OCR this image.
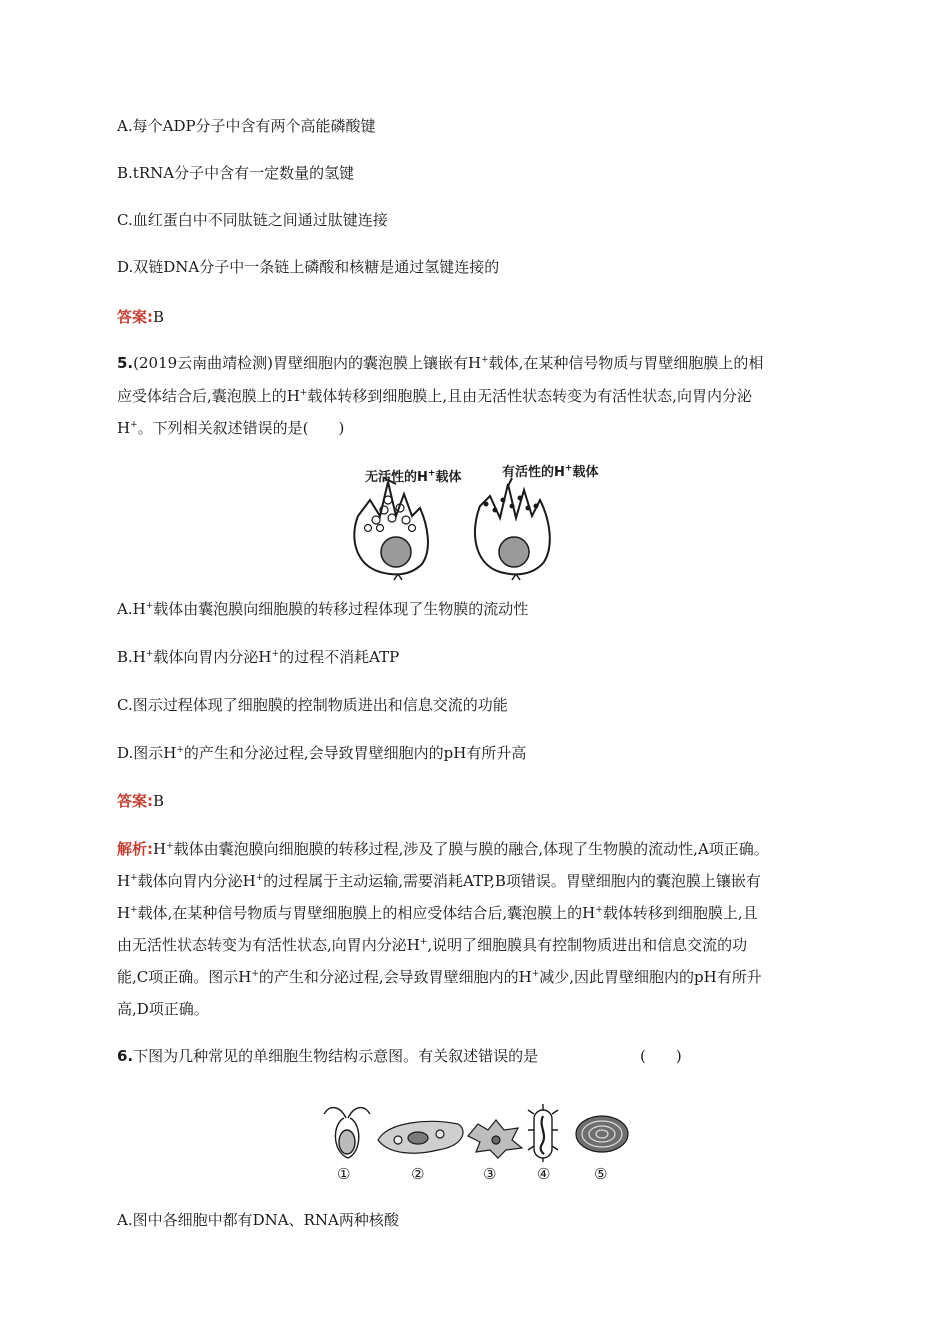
A.每个ADP分子中含有两个高能磷酸键
B.tRNA分子中含有一定数量的氢键
C.血红蛋白中不同肽链之间通过肽键连接
D.双链DNA分子中一条链上磷酸和核糖是通过氢键连接的
答案:B
5.(2019云南曲靖检测)胃壁细胞内的囊泡膜上镶嵌有H+载体,在某种信号物质与胃壁细胞膜上的相
应受体结合后,囊泡膜上的H+载体转移到细胞膜上,且由无活性状态转变为有活性状态,向胃内分泌
H+。下列相关叙述错误的是(　　)
无活性的H+载体	有活性的H+载体
A.H+载体由囊泡膜向细胞膜的转移过程体现了生物膜的流动性
B.H+载体向胃内分泌H+的过程不消耗ATP
C.图示过程体现了细胞膜的控制物质进出和信息交流的功能
D.图示H+的产生和分泌过程,会导致胃壁细胞内的pH有所升高
答案:B
解析:H+载体由囊泡膜向细胞膜的转移过程,涉及了膜与膜的融合,体现了生物膜的流动性,A项正确。
H+载体向胃内分泌H+的过程属于主动运输,需要消耗ATP,B项错误。胃壁细胞内的囊泡膜上镶嵌有
H+载体,在某种信号物质与胃壁细胞膜上的相应受体结合后,囊泡膜上的H+载体转移到细胞膜上,且
由无活性状态转变为有活性状态,向胃内分泌H+,说明了细胞膜具有控制物质进出和信息交流的功
能,C项正确。图示H+的产生和分泌过程,会导致胃壁细胞内的H+减少,因此胃壁细胞内的pH有所升
高,D项正确。
6.下图为几种常见的单细胞生物结构示意图。有关叙述错误的是	(　　)
①	②	③	④	⑤
A.图中各细胞中都有DNA、RNA两种核酸
